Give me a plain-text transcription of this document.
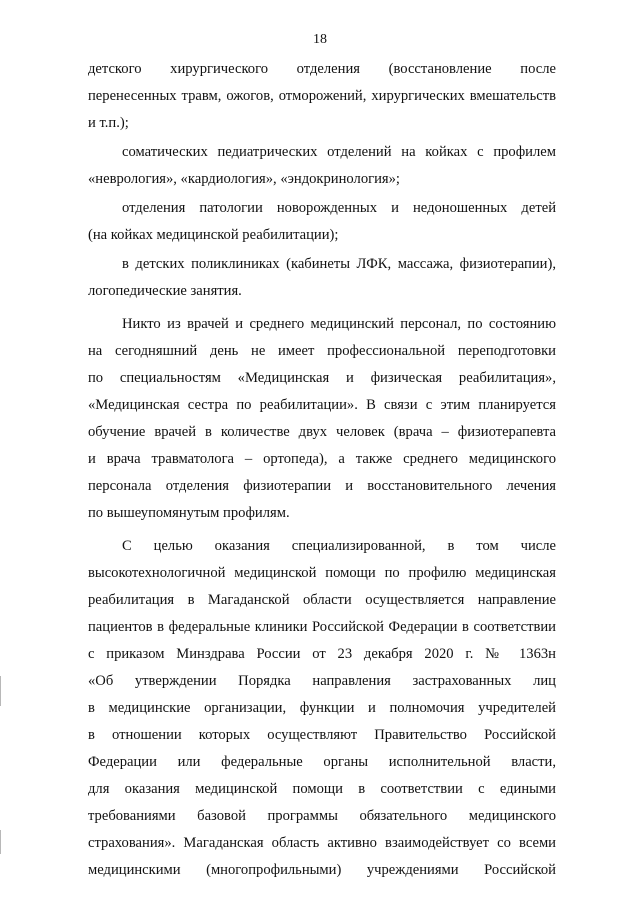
18

детского хирургического отделения (восстановление после
перенесенных травм, ожогов, отморожений, хирургических вмешательств
и т.п.);

соматических педиатрических отделений на койках с профилем
«неврология», «кардиология», «эндокринология»;

отделения патологии новорожденных и недоношенных детей
(на койках медицинской реабилитации);

в детских поликлиниках (кабинеты ЛФК, массажа, физиотерапии),
логопедические занятия.

Никто из врачей и среднего медицинский персонал, по состоянию
на сегодняшний день не имеет профессиональной переподготовки
по специальностям «Медицинская и физическая реабилитация»,
«Медицинская сестра по реабилитации». В связи с этим планируется
обучение врачей в количестве двух человек (врача – физиотерапевта
и врача травматолога – ортопеда), а также среднего медицинского
персонала отделения физиотерапии и восстановительного лечения
по вышеупомянутым профилям.

С целью оказания специализированной, в том числе
высокотехнологичной медицинской помощи по профилю медицинская
реабилитация в Магаданской области осуществляется направление
пациентов в федеральные клиники Российской Федерации в соответствии
с приказом Минздрава России от 23 декабря 2020 г. № 1363н
«Об утверждении Порядка направления застрахованных лиц
в медицинские организации, функции и полномочия учредителей
в отношении которых осуществляют Правительство Российской
Федерации или федеральные органы исполнительной власти,
для оказания медицинской помощи в соответствии с едиными
требованиями базовой программы обязательного медицинского
страхования». Магаданская область активно взаимодействует со всеми
медицинскими (многопрофильными) учреждениями Российской
